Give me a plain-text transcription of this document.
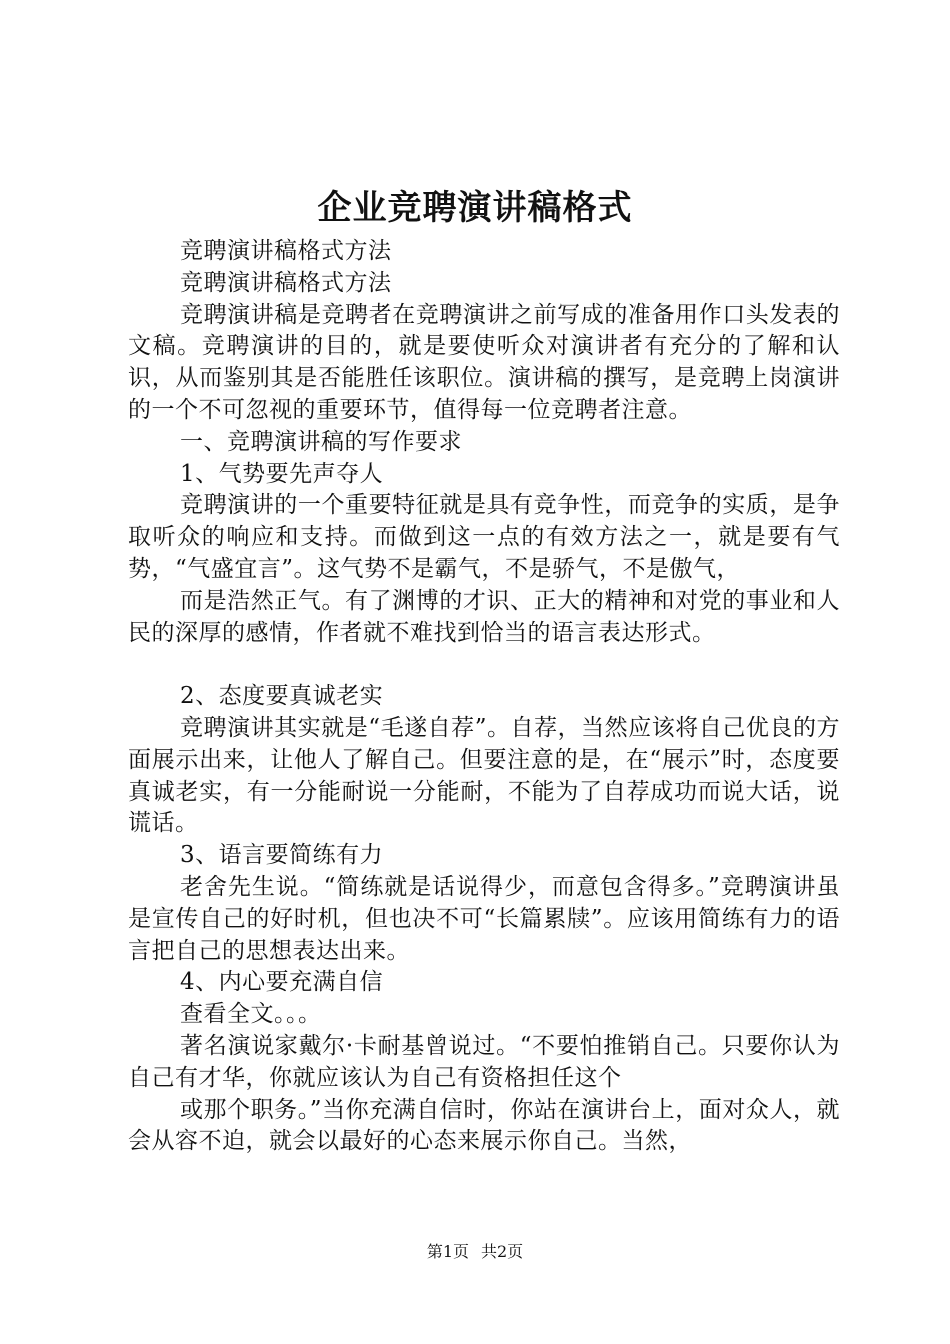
企业竞聘演讲稿格式

竞聘演讲稿格式方法

竞聘演讲稿格式方法

竞聘演讲稿是竞聘者在竞聘演讲之前写成的准备用作口头发表的文稿。竞聘演讲的目的，就是要使听众对演讲者有充分的了解和认识，从而鉴别其是否能胜任该职位。演讲稿的撰写，是竞聘上岗演讲的一个不可忽视的重要环节，值得每一位竞聘者注意。

一、竞聘演讲稿的写作要求

1、气势要先声夺人

竞聘演讲的一个重要特征就是具有竞争性，而竞争的实质，是争取听众的响应和支持。而做到这一点的有效方法之一，就是要有气势，“气盛宜言”。这气势不是霸气，不是骄气，不是傲气，

而是浩然正气。有了渊博的才识、正大的精神和对党的事业和人民的深厚的感情，作者就不难找到恰当的语言表达形式。

2、态度要真诚老实

竞聘演讲其实就是“毛遂自荐”。自荐，当然应该将自己优良的方面展示出来，让他人了解自己。但要注意的是，在“展示”时，态度要真诚老实，有一分能耐说一分能耐，不能为了自荐成功而说大话，说谎话。

3、语言要简练有力

老舍先生说。“简练就是话说得少，而意包含得多。”竞聘演讲虽是宣传自己的好时机，但也决不可“长篇累牍”。应该用简练有力的语言把自己的思想表达出来。

4、内心要充满自信

查看全文。。。

著名演说家戴尔·卡耐基曾说过。“不要怕推销自己。只要你认为自己有才华，你就应该认为自己有资格担任这个

或那个职务。”当你充满自信时，你站在演讲台上，面对众人，就会从容不迫，就会以最好的心态来展示你自己。当然，

第1页 共2页
